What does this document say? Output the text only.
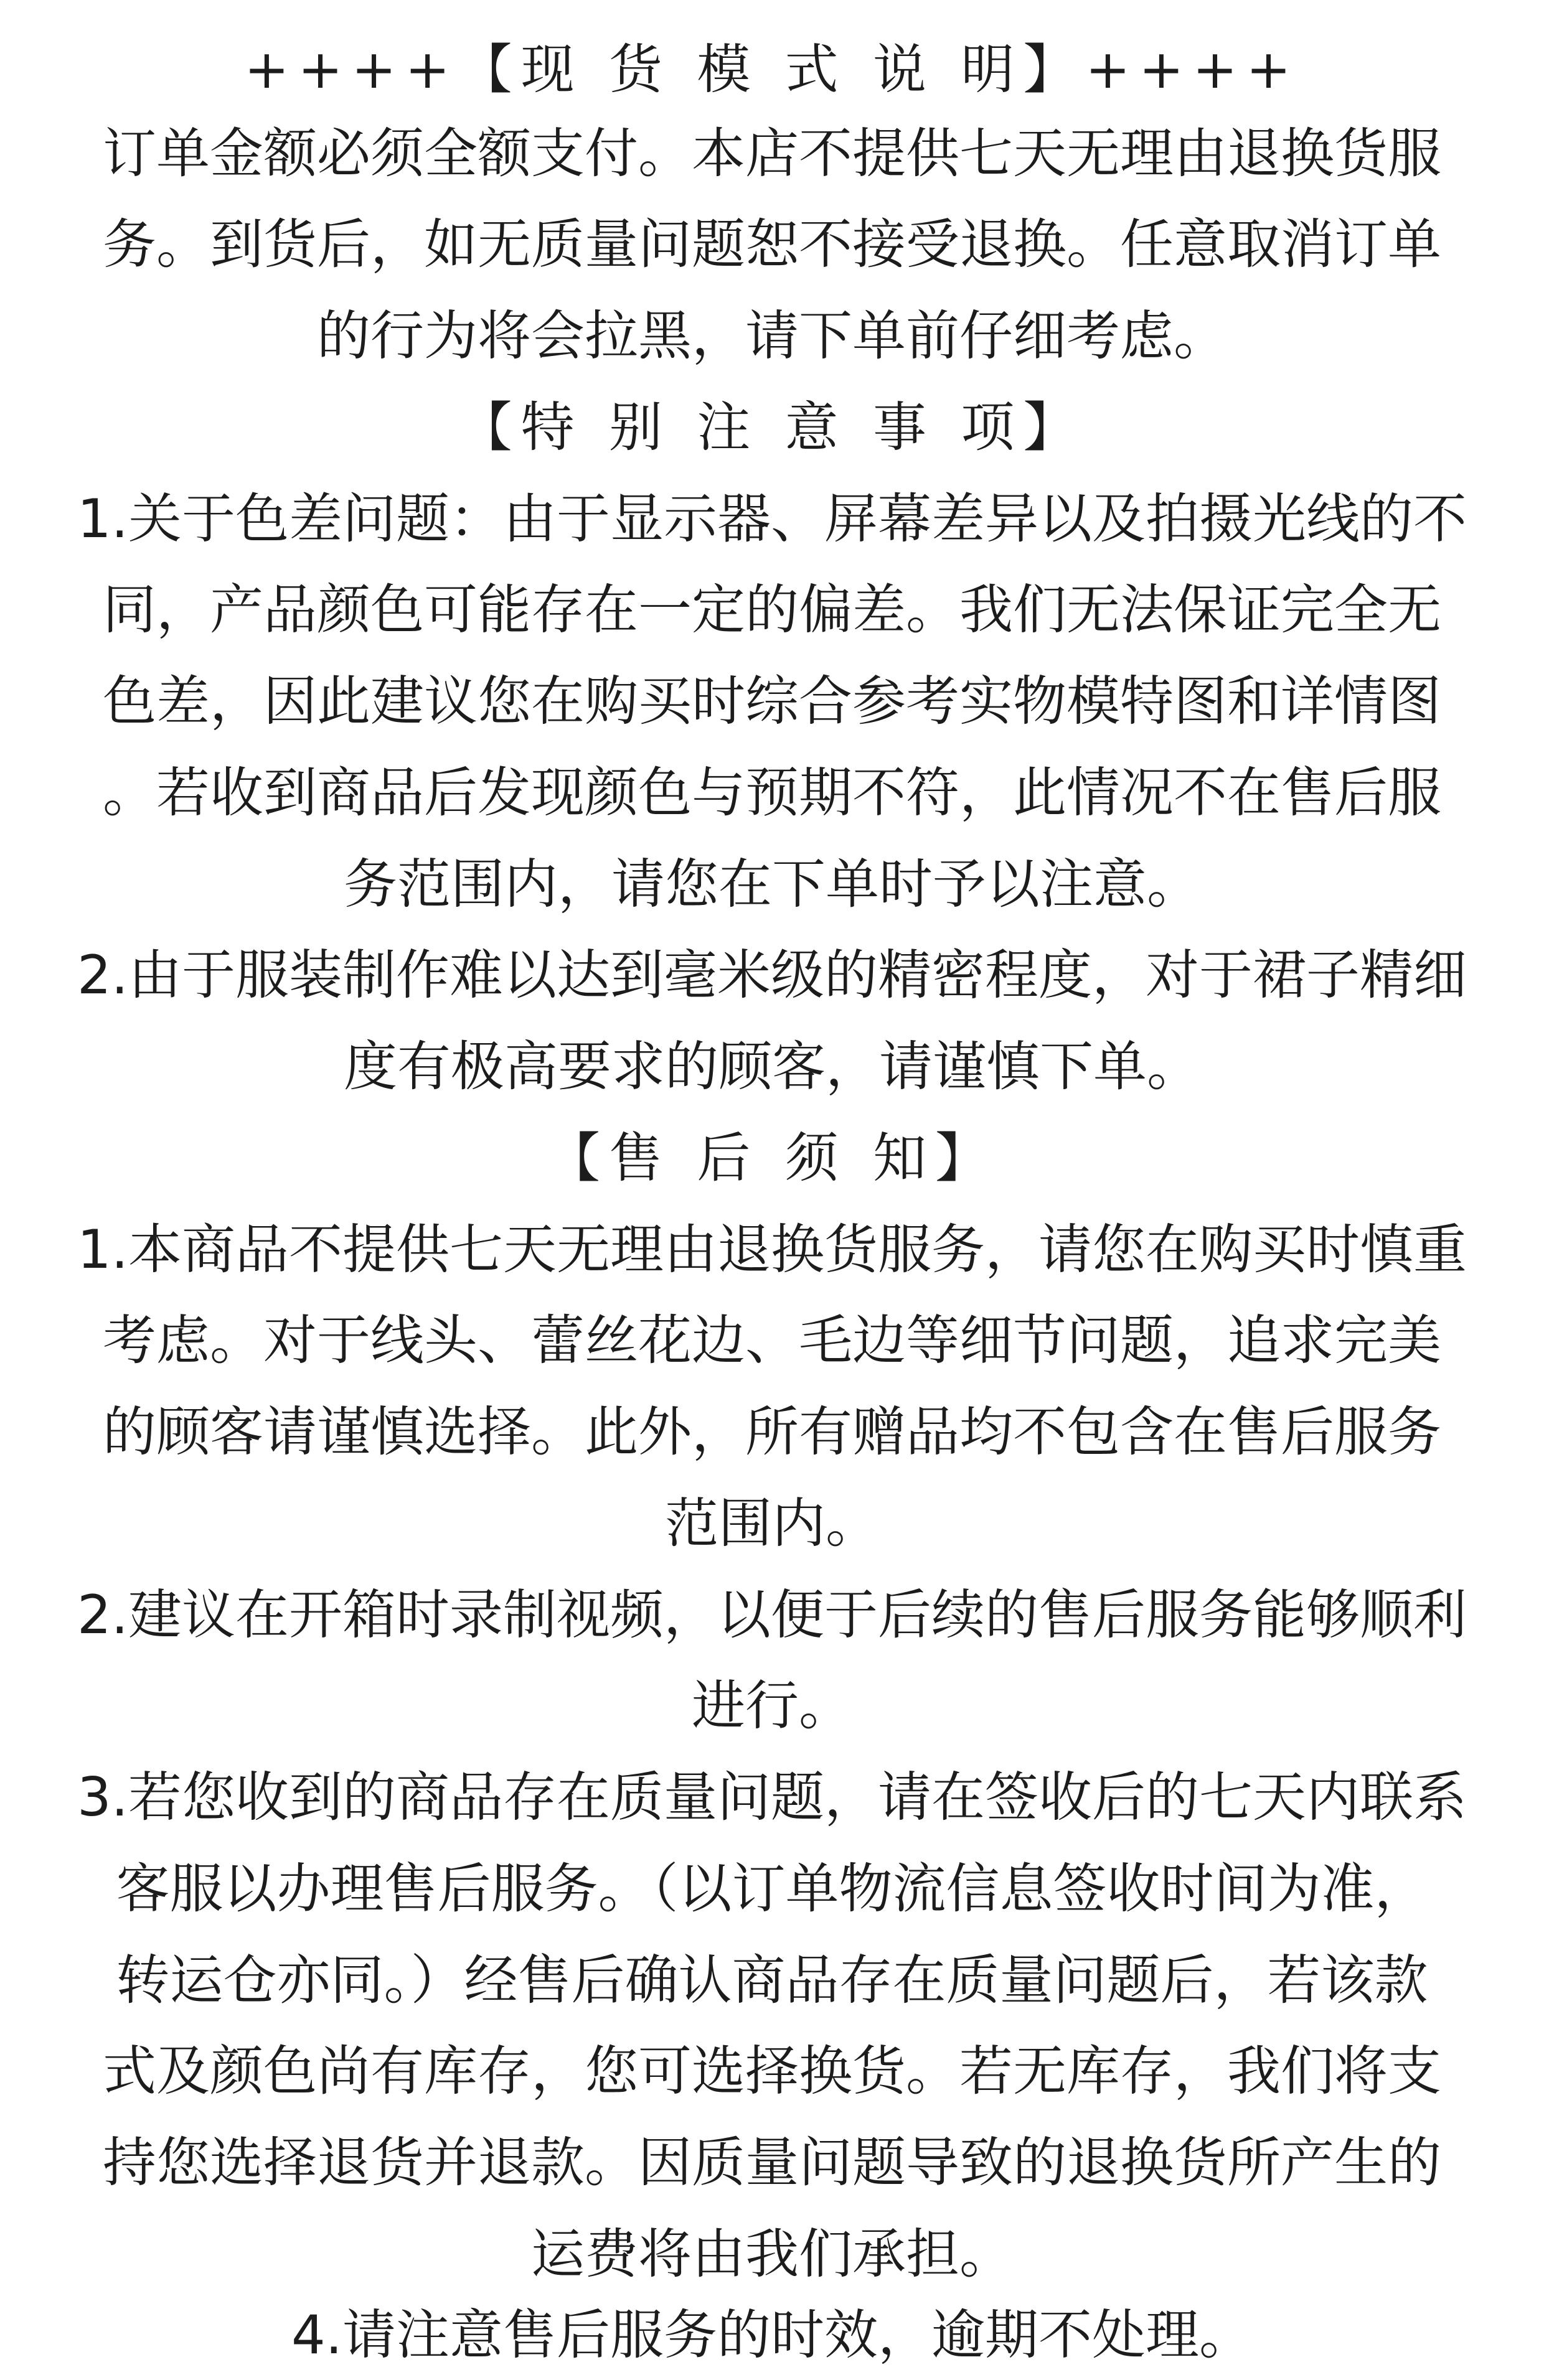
++++【现 货 模 式 说 明】++++
订单金额必须全额支付。本店不提供七天无理由退换货服
务。到货后，如无质量问题恕不接受退换。任意取消订单
的行为将会拉黑，请下单前仔细考虑。
【特 别 注 意 事 项】
1.关于色差问题：由于显示器、屏幕差异以及拍摄光线的不
同，产品颜色可能存在一定的偏差。我们无法保证完全无
色差，因此建议您在购买时综合参考实物模特图和详情图
。若收到商品后发现颜色与预期不符，此情况不在售后服
务范围内，请您在下单时予以注意。
2.由于服装制作难以达到毫米级的精密程度，对于裙子精细
度有极高要求的顾客，请谨慎下单。
【售 后 须 知】
1.本商品不提供七天无理由退换货服务，请您在购买时慎重
考虑。对于线头、蕾丝花边、毛边等细节问题，追求完美
的顾客请谨慎选择。此外，所有赠品均不包含在售后服务
范围内。
2.建议在开箱时录制视频，以便于后续的售后服务能够顺利
进行。
3.若您收到的商品存在质量问题，请在签收后的七天内联系
客服以办理售后服务。（以订单物流信息签收时间为准，
转运仓亦同。）经售后确认商品存在质量问题后，若该款
式及颜色尚有库存，您可选择换货。若无库存，我们将支
持您选择退货并退款。因质量问题导致的退换货所产生的
运费将由我们承担。
4.请注意售后服务的时效，逾期不处理。
